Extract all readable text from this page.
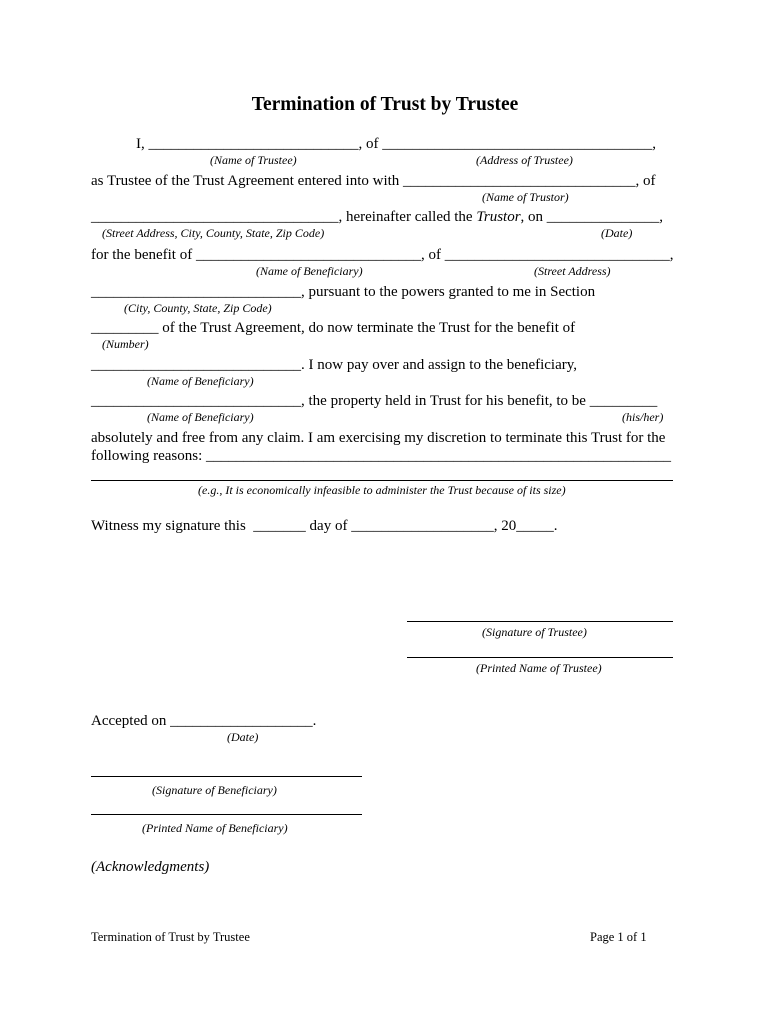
Termination of Trust by Trustee
I, ____________________________, of ____________________________________,
(Name of Trustee)	(Address of Trustee)
as Trustee of the Trust Agreement entered into with _______________________________, of
(Name of Trustor)
_________________________________, hereinafter called the Trustor, on _______________,
(Street Address, City, County, State, Zip Code)	(Date)
for the benefit of ______________________________, of ______________________________,
(Name of Beneficiary)	(Street Address)
____________________________, pursuant to the powers granted to me in Section
(City, County, State, Zip Code)
_________ of the Trust Agreement, do now terminate the Trust for the benefit of
(Number)
____________________________. I now pay over and assign to the beneficiary,
(Name of Beneficiary)
____________________________, the property held in Trust for his benefit, to be _________
(Name of Beneficiary)	(his/her)
absolutely and free from any claim. I am exercising my discretion to terminate this Trust for the
following reasons: ______________________________________________________________
(e.g., It is economically infeasible to administer the Trust because of its size)
Witness my signature this  _______ day of ___________________, 20_____.
(Signature of Trustee)
(Printed Name of Trustee)
Accepted on ___________________.
(Date)
(Signature of Beneficiary)
(Printed Name of Beneficiary)
(Acknowledgments)
Termination of Trust by Trustee	Page 1 of 1
